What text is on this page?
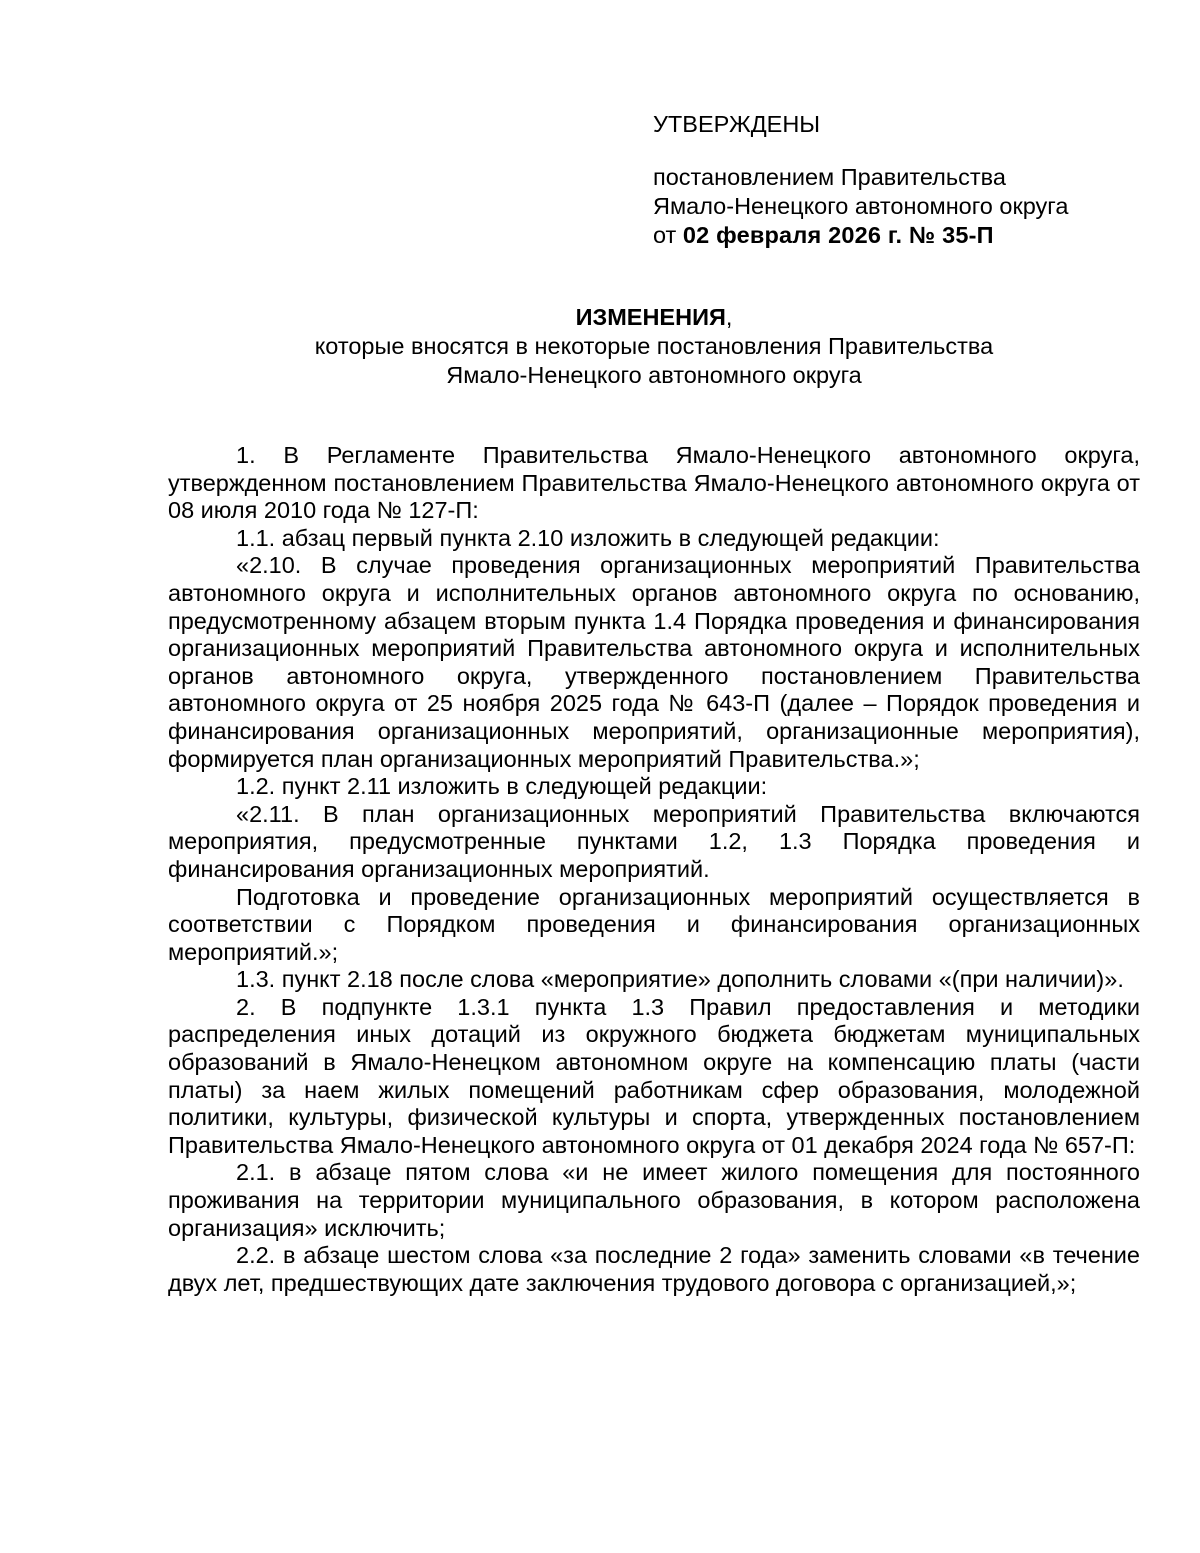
УТВЕРЖДЕНЫ

постановлением Правительства

Ямало-Ненецкого автономного округа

от 02 февраля 2026 г. № 35-П

ИЗМЕНЕНИЯ,

которые вносятся в некоторые постановления Правительства

Ямало-Ненецкого автономного округа

1. В Регламенте Правительства Ямало-Ненецкого автономного округа, утвержденном постановлением Правительства Ямало-Ненецкого автономного округа от 08 июля 2010 года № 127-П:

1.1. абзац первый пункта 2.10 изложить в следующей редакции:

«2.10. В случае проведения организационных мероприятий Правительства автономного округа и исполнительных органов автономного округа по основанию, предусмотренному абзацем вторым пункта 1.4 Порядка проведения и финансирования организационных мероприятий Правительства автономного округа и исполнительных органов автономного округа, утвержденного постановлением Правительства автономного округа от 25 ноября 2025 года № 643-П (далее – Порядок проведения и финансирования организационных мероприятий, организационные мероприятия), формируется план организационных мероприятий Правительства.»;

1.2. пункт 2.11 изложить в следующей редакции:

«2.11. В план организационных мероприятий Правительства включаются мероприятия, предусмотренные пунктами 1.2, 1.3 Порядка проведения и финансирования организационных мероприятий.

Подготовка и проведение организационных мероприятий осуществляется в соответствии с Порядком проведения и финансирования организационных мероприятий.»;

1.3. пункт 2.18 после слова «мероприятие» дополнить словами «(при наличии)».

2. В подпункте 1.3.1 пункта 1.3 Правил предоставления и методики распределения иных дотаций из окружного бюджета бюджетам муниципальных образований в Ямало-Ненецком автономном округе на компенсацию платы (части платы) за наем жилых помещений работникам сфер образования, молодежной политики, культуры, физической культуры и спорта, утвержденных постановлением Правительства Ямало-Ненецкого автономного округа от 01 декабря 2024 года № 657-П:

2.1. в абзаце пятом слова «и не имеет жилого помещения для постоянного проживания на территории муниципального образования, в котором расположена организация» исключить;

2.2. в абзаце шестом слова «за последние 2 года» заменить словами «в течение двух лет, предшествующих дате заключения трудового договора с организацией,»;
